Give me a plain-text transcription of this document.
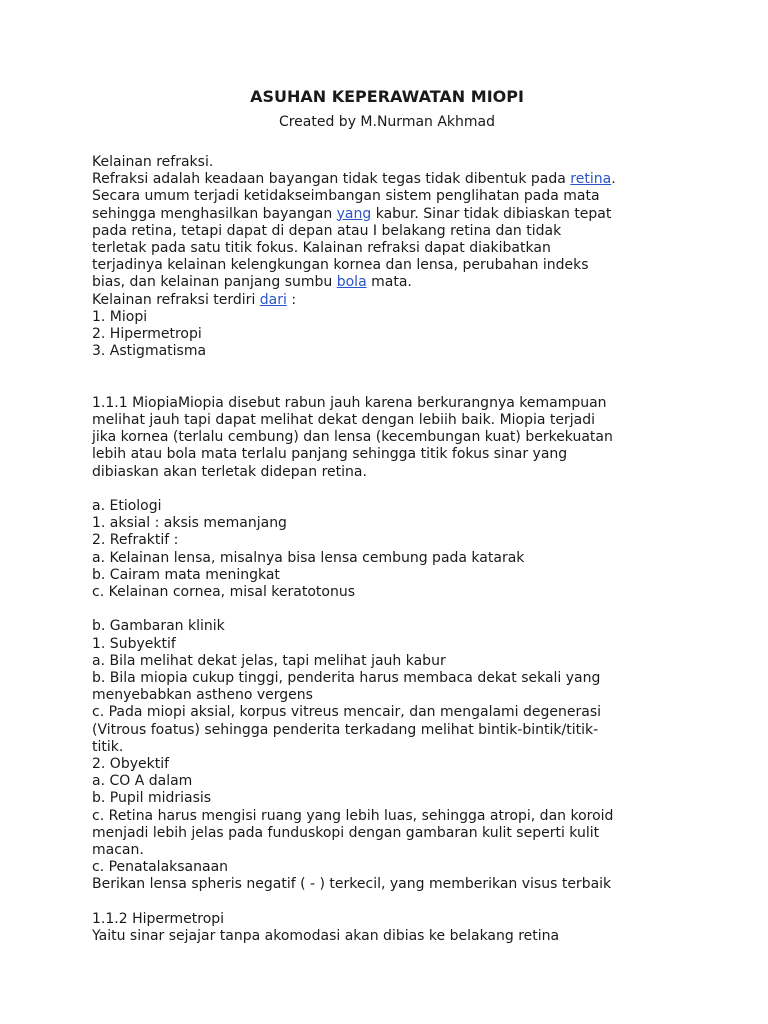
ASUHAN KEPERAWATAN MIOPI
Created by M.Nurman Akhmad
Kelainan refraksi.
Refraksi adalah keadaan bayangan tidak tegas tidak dibentuk pada retina.
Secara umum terjadi ketidakseimbangan sistem penglihatan pada mata
sehingga menghasilkan bayangan yang kabur. Sinar tidak dibiaskan tepat
pada retina, tetapi dapat di depan atau I belakang retina dan tidak
terletak pada satu titik fokus. Kalainan refraksi dapat diakibatkan
terjadinya kelainan kelengkungan kornea dan lensa, perubahan indeks
bias, dan kelainan panjang sumbu bola mata.
Kelainan refraksi terdiri dari :
1. Miopi
2. Hipermetropi
3. Astigmatisma
1.1.1 MiopiaMiopia disebut rabun jauh karena berkurangnya kemampuan
melihat jauh tapi dapat melihat dekat dengan lebiih baik. Miopia terjadi
jika kornea (terlalu cembung) dan lensa (kecembungan kuat) berkekuatan
lebih atau bola mata terlalu panjang sehingga titik fokus sinar yang
dibiaskan akan terletak didepan retina.
a. Etiologi
1. aksial : aksis memanjang
2. Refraktif :
a. Kelainan lensa, misalnya bisa lensa cembung pada katarak
b. Cairam mata meningkat
c. Kelainan cornea, misal keratotonus
b. Gambaran klinik
1. Subyektif
a. Bila melihat dekat jelas, tapi melihat jauh kabur
b. Bila miopia cukup tinggi, penderita harus membaca dekat sekali yang
menyebabkan astheno vergens
c. Pada miopi aksial, korpus vitreus mencair, dan mengalami degenerasi
(Vitrous foatus) sehingga penderita terkadang melihat bintik-bintik/titik-
titik.
2. Obyektif
a. CO A dalam
b. Pupil midriasis
c. Retina harus mengisi ruang yang lebih luas, sehingga atropi, dan koroid
menjadi lebih jelas pada funduskopi dengan gambaran kulit seperti kulit
macan.
c. Penatalaksanaan
Berikan lensa spheris negatif ( - ) terkecil, yang memberikan visus terbaik
1.1.2 Hipermetropi
Yaitu sinar sejajar tanpa akomodasi akan dibias ke belakang retina
